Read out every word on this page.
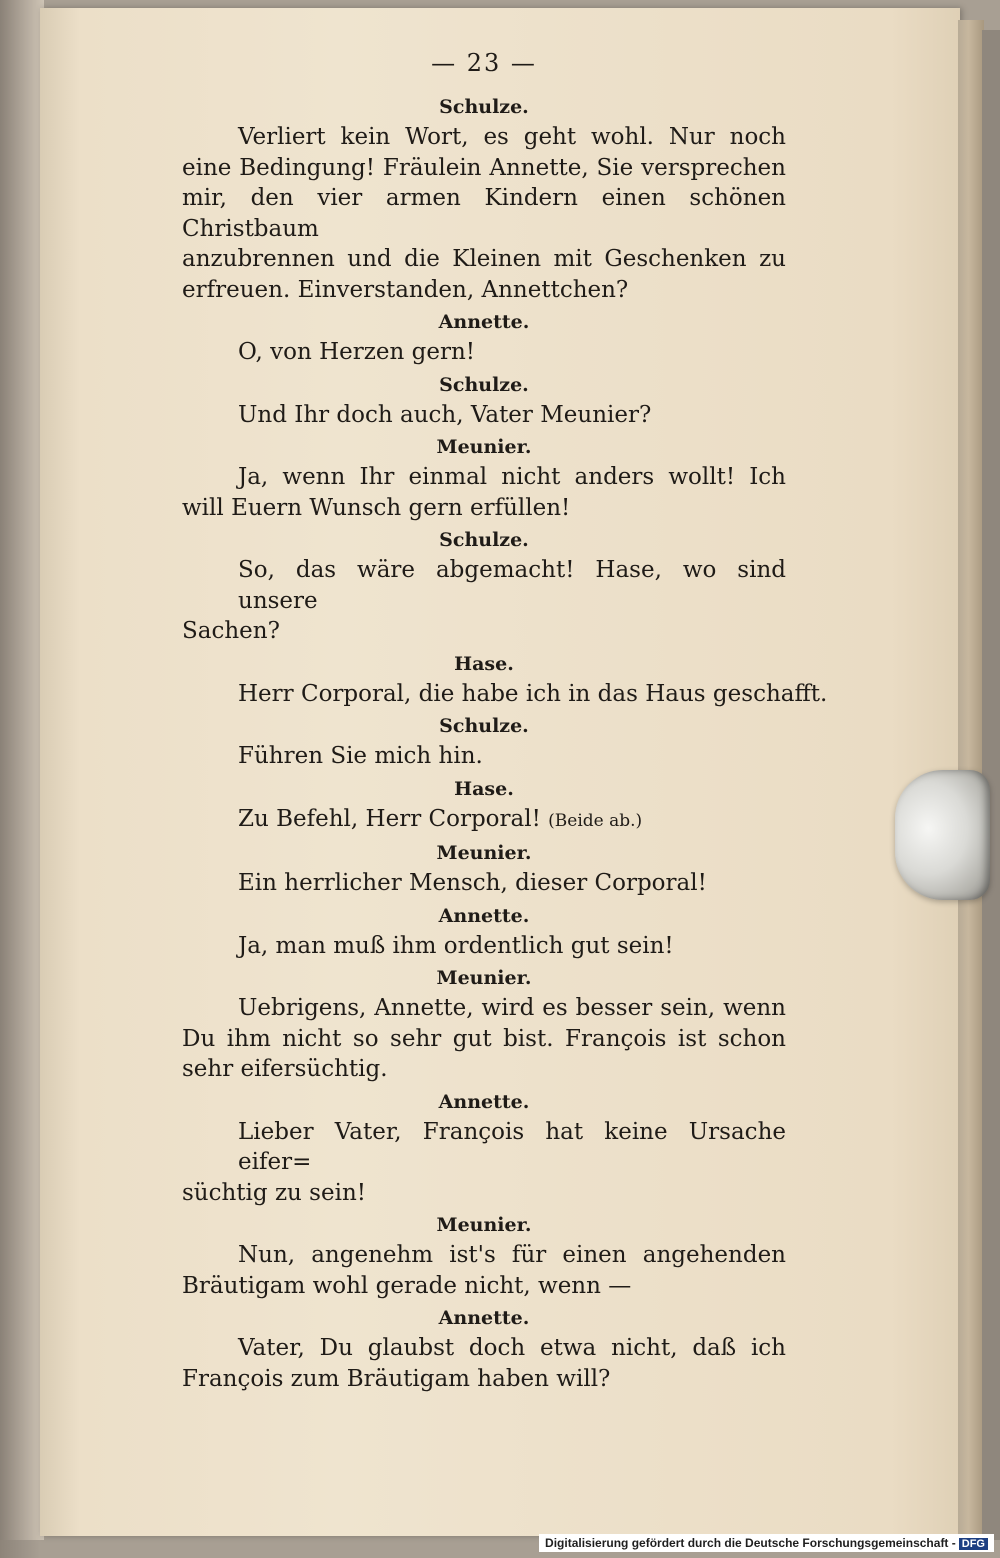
— 23 —
Schulze.
Verliert kein Wort, es geht wohl. Nur noch
eine Bedingung! Fräulein Annette, Sie versprechen
mir, den vier armen Kindern einen schönen Christbaum
anzubrennen und die Kleinen mit Geschenken zu
erfreuen. Einverstanden, Annettchen?
Annette.
O, von Herzen gern!
Schulze.
Und Ihr doch auch, Vater Meunier?
Meunier.
Ja, wenn Ihr einmal nicht anders wollt! Ich
will Euern Wunsch gern erfüllen!
Schulze.
So, das wäre abgemacht! Hase, wo sind unsere
Sachen?
Hase.
Herr Corporal, die habe ich in das Haus geschafft.
Schulze.
Führen Sie mich hin.
Hase.
Zu Befehl, Herr Corporal! (Beide ab.)
Meunier.
Ein herrlicher Mensch, dieser Corporal!
Annette.
Ja, man muß ihm ordentlich gut sein!
Meunier.
Uebrigens, Annette, wird es besser sein, wenn
Du ihm nicht so sehr gut bist. François ist schon
sehr eifersüchtig.
Annette.
Lieber Vater, François hat keine Ursache eifer=
süchtig zu sein!
Meunier.
Nun, angenehm ist's für einen angehenden
Bräutigam wohl gerade nicht, wenn —
Annette.
Vater, Du glaubst doch etwa nicht, daß ich
François zum Bräutigam haben will?
Digitalisierung gefördert durch die Deutsche Forschungsgemeinschaft - DFG
